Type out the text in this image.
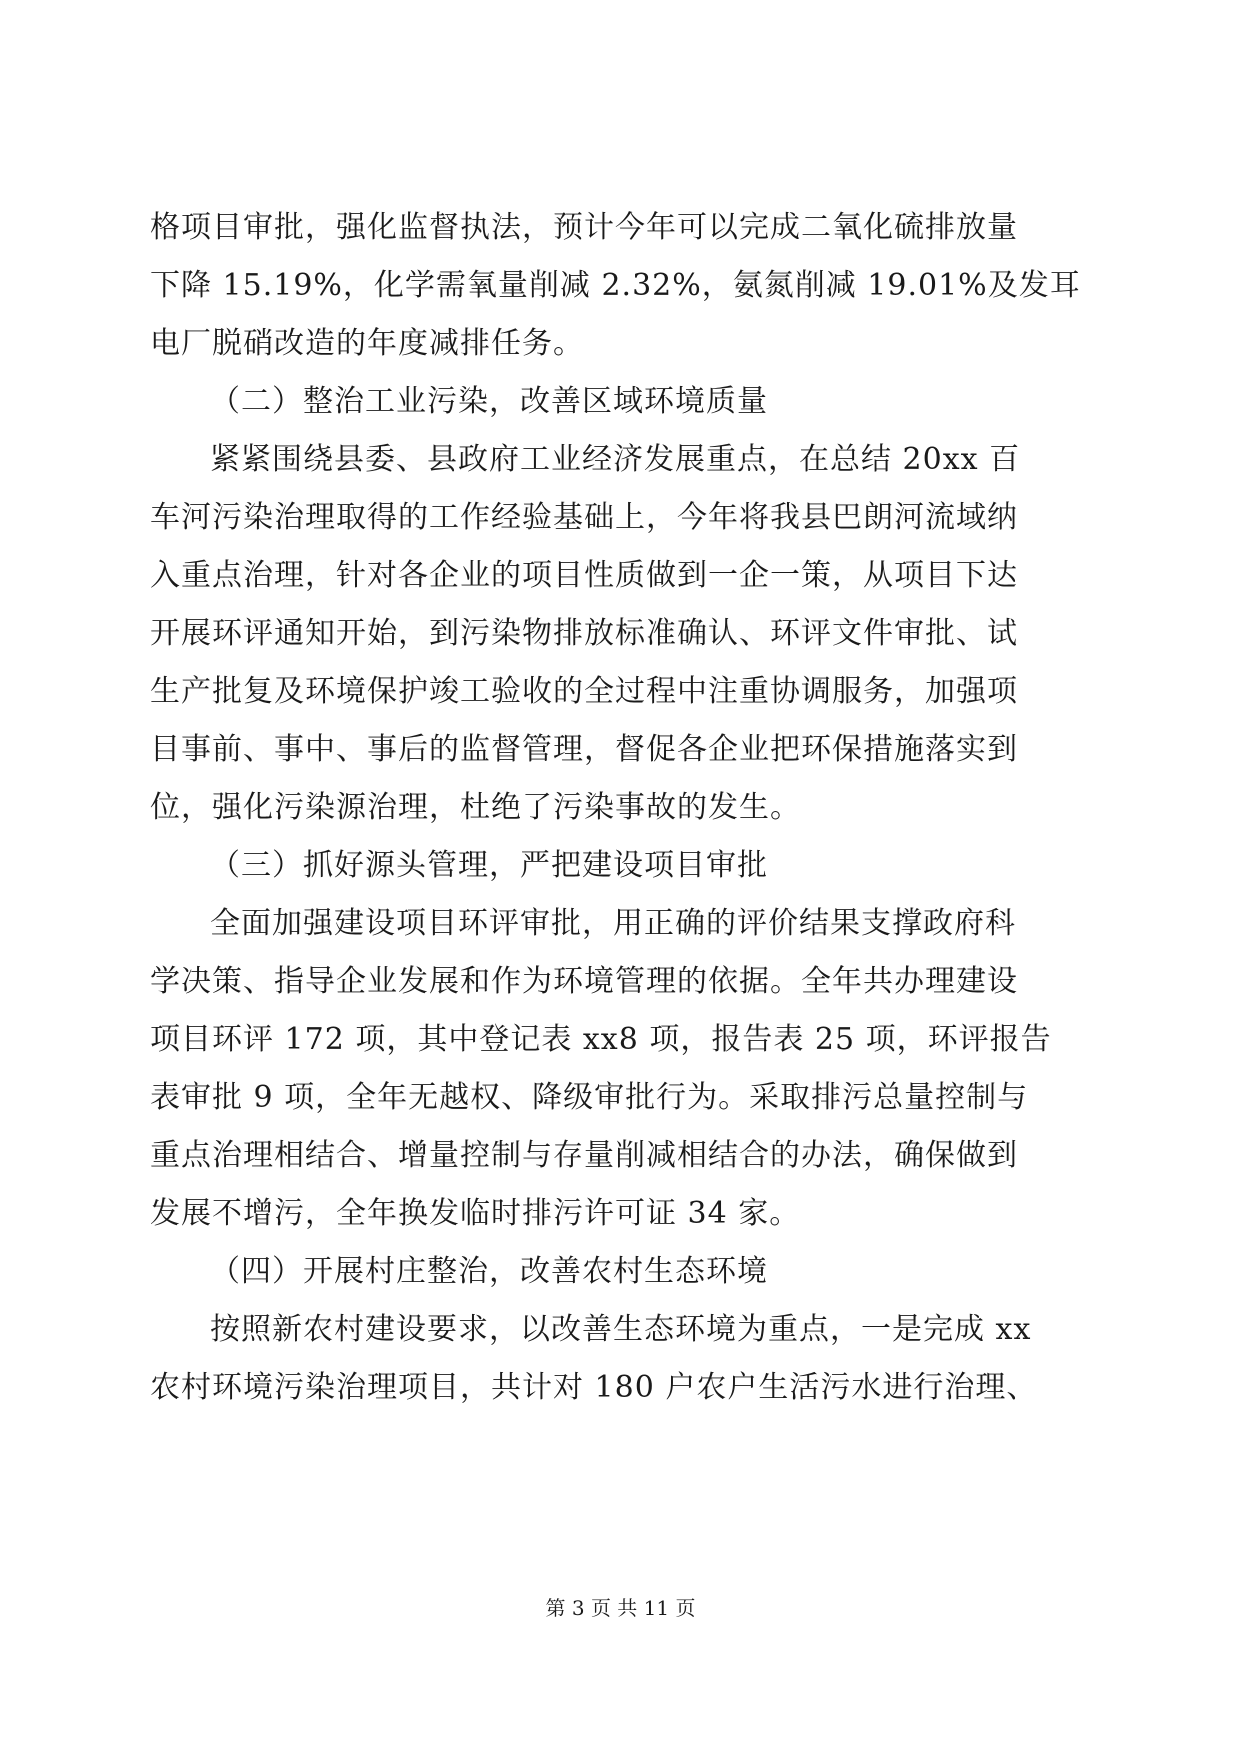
格项目审批，强化监督执法，预计今年可以完成二氧化硫排放量
下降 15.19%，化学需氧量削减 2.32%，氨氮削减 19.01%及发耳
电厂脱硝改造的年度减排任务。
（二）整治工业污染，改善区域环境质量
紧紧围绕县委、县政府工业经济发展重点，在总结 20xx 百
车河污染治理取得的工作经验基础上，今年将我县巴朗河流域纳
入重点治理，针对各企业的项目性质做到一企一策，从项目下达
开展环评通知开始，到污染物排放标准确认、环评文件审批、试
生产批复及环境保护竣工验收的全过程中注重协调服务，加强项
目事前、事中、事后的监督管理，督促各企业把环保措施落实到
位，强化污染源治理，杜绝了污染事故的发生。
（三）抓好源头管理，严把建设项目审批
全面加强建设项目环评审批，用正确的评价结果支撑政府科
学决策、指导企业发展和作为环境管理的依据。全年共办理建设
项目环评 172 项，其中登记表 xx8 项，报告表 25 项，环评报告
表审批 9 项，全年无越权、降级审批行为。采取排污总量控制与
重点治理相结合、增量控制与存量削减相结合的办法，确保做到
发展不增污，全年换发临时排污许可证 34 家。
（四）开展村庄整治，改善农村生态环境
按照新农村建设要求，以改善生态环境为重点，一是完成 xx
农村环境污染治理项目，共计对 180 户农户生活污水进行治理、
第 3 页 共 11 页
